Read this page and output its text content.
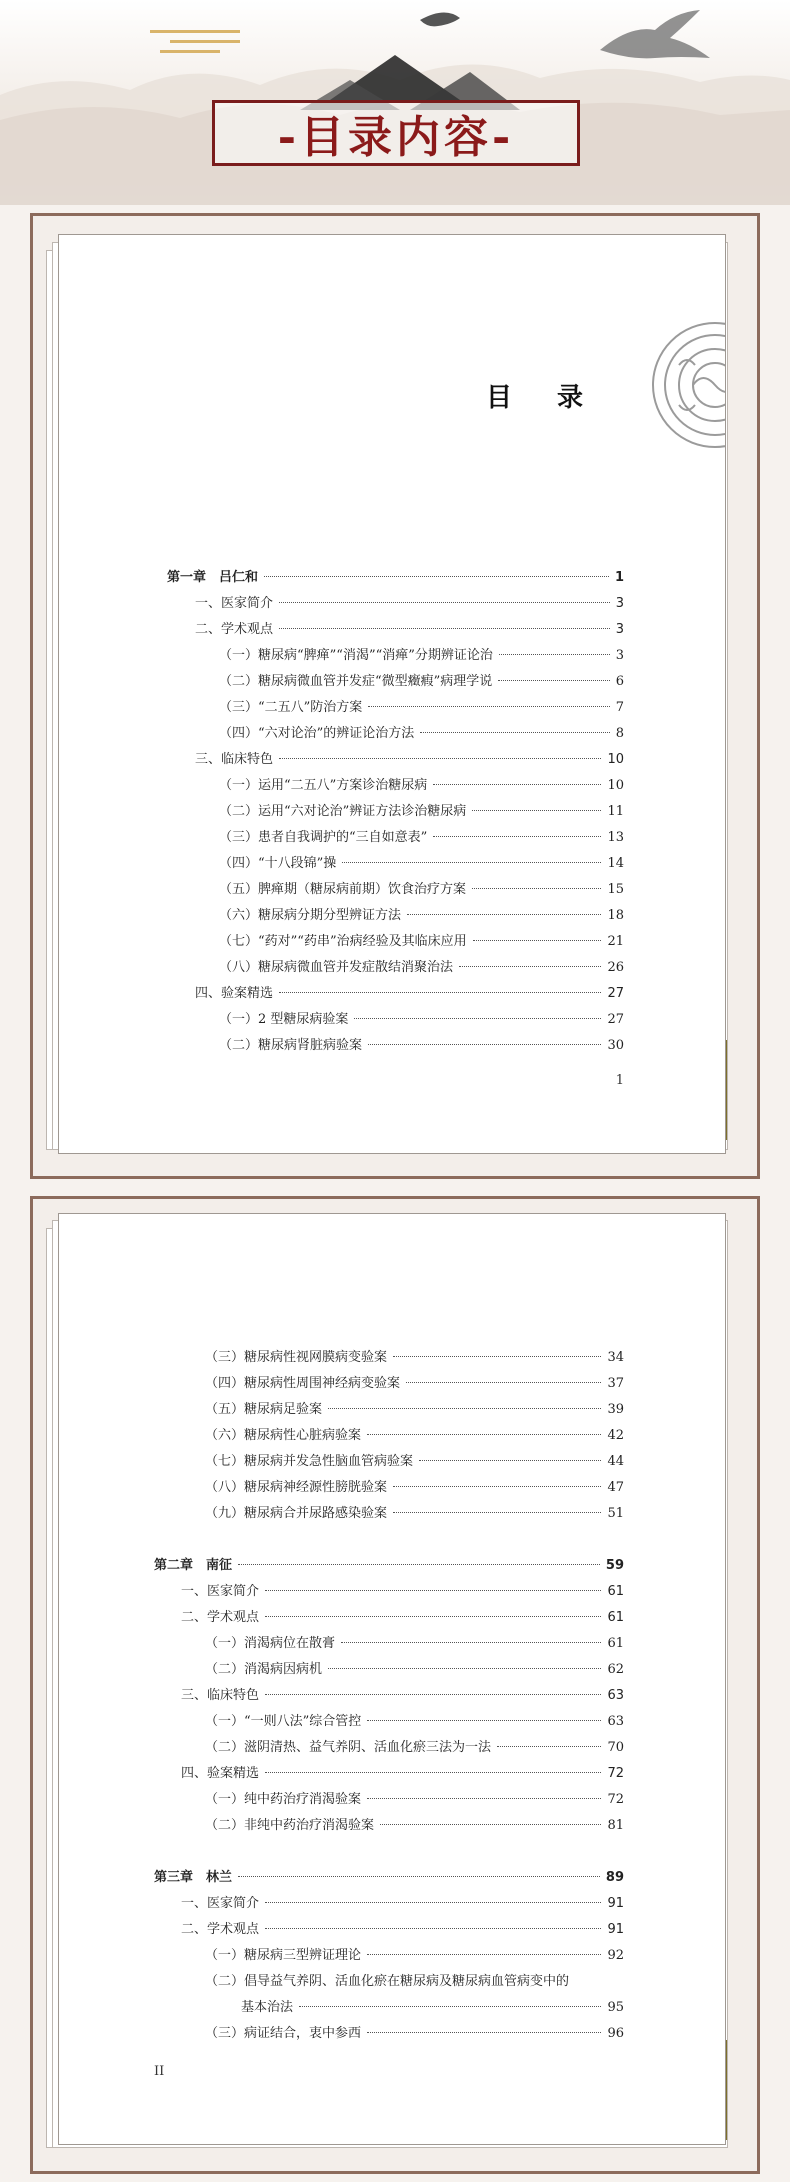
-目录内容-
目 录
第一章　吕仁和	1
一、医家简介	3
二、学术观点	3
（一）糖尿病“脾瘅”“消渴”“消瘅”分期辨证论治	3
（二）糖尿病微血管并发症“微型癥瘕”病理学说	6
（三）“二五八”防治方案	7
（四）“六对论治”的辨证论治方法	8
三、临床特色	10
（一）运用“二五八”方案诊治糖尿病	10
（二）运用“六对论治”辨证方法诊治糖尿病	11
（三）患者自我调护的“三自如意表”	13
（四）“十八段锦”操	14
（五）脾瘅期（糖尿病前期）饮食治疗方案	15
（六）糖尿病分期分型辨证方法	18
（七）“药对”“药串”治病经验及其临床应用	21
（八）糖尿病微血管并发症散结消聚治法	26
四、验案精选	27
（一）2 型糖尿病验案	27
（二）糖尿病肾脏病验案	30
1
（三）糖尿病性视网膜病变验案	34
（四）糖尿病性周围神经病变验案	37
（五）糖尿病足验案	39
（六）糖尿病性心脏病验案	42
（七）糖尿病并发急性脑血管病验案	44
（八）糖尿病神经源性膀胱验案	47
（九）糖尿病合并尿路感染验案	51
第二章　南征	59
一、医家简介	61
二、学术观点	61
（一）消渴病位在散膏	61
（二）消渴病因病机	62
三、临床特色	63
（一）“一则八法”综合管控	63
（二）滋阴清热、益气养阴、活血化瘀三法为一法	70
四、验案精选	72
（一）纯中药治疗消渴验案	72
（二）非纯中药治疗消渴验案	81
第三章　林兰	89
一、医家简介	91
二、学术观点	91
（一）糖尿病三型辨证理论	92
（二）倡导益气养阴、活血化瘀在糖尿病及糖尿病血管病变中的
基本治法	95
（三）病证结合，衷中参西	96
II
